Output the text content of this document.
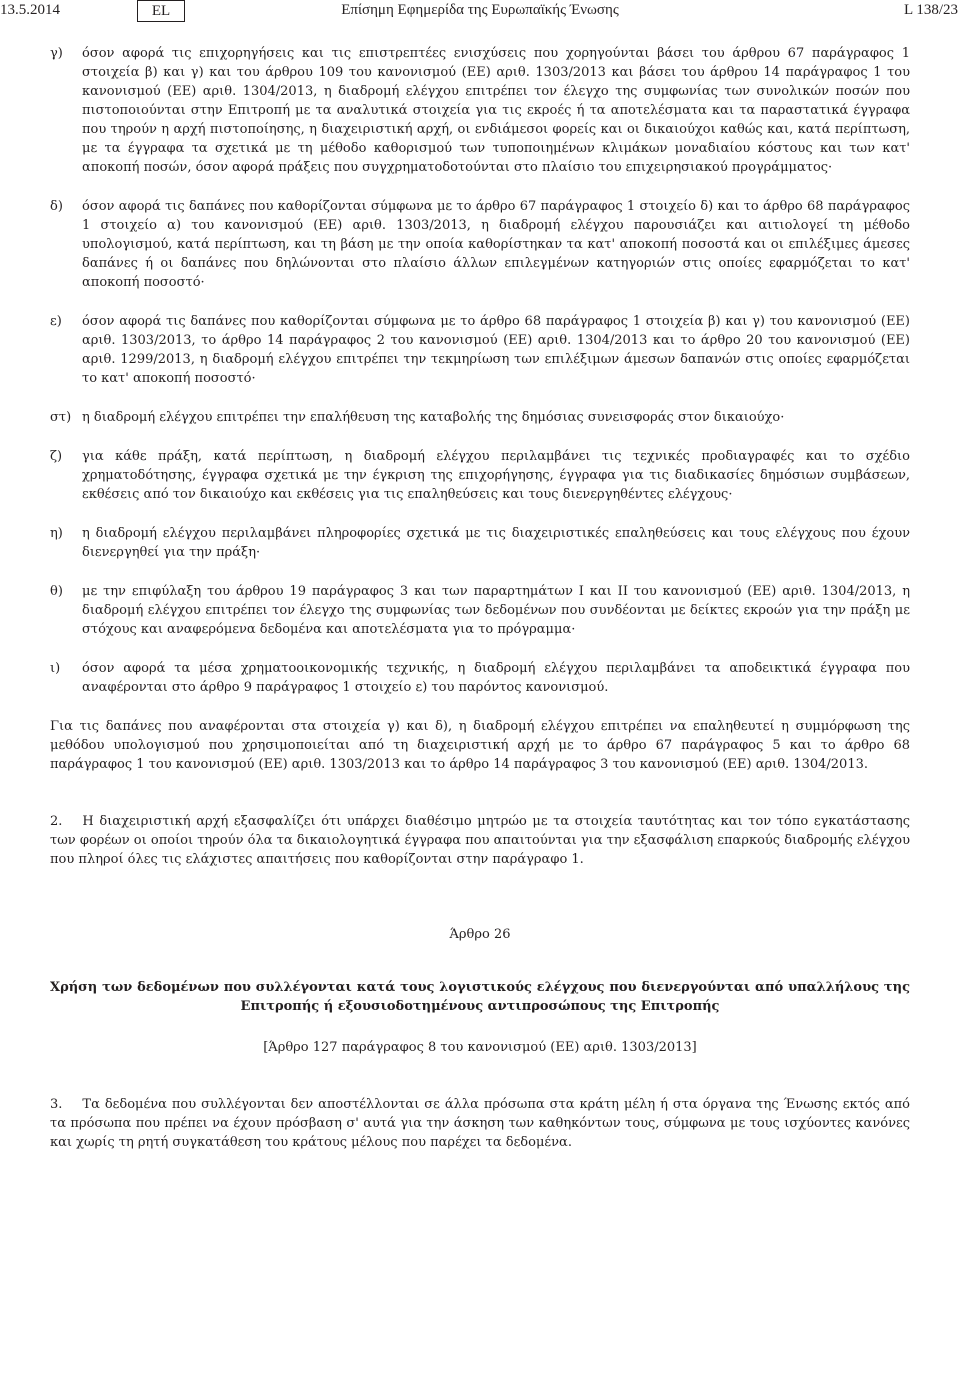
13.5.2014	EL	Επίσημη Εφημερίδα της Ευρωπαϊκής Ένωσης	L 138/23
γ) όσον αφορά τις επιχορηγήσεις και τις επιστρεπτέες ενισχύσεις που χορηγούνται βάσει του άρθρου 67 παράγραφος 1 στοιχεία β) και γ) και του άρθρου 109 του κανονισμού (ΕΕ) αριθ. 1303/2013 και βάσει του άρθρου 14 παράγραφος 1 του κανονισμού (ΕΕ) αριθ. 1304/2013, η διαδρομή ελέγχου επιτρέπει τον έλεγχο της συμφωνίας των συνολικών ποσών που πιστοποιούνται στην Επιτροπή με τα αναλυτικά στοιχεία για τις εκροές ή τα αποτελέσματα και τα παραστατικά έγγραφα που τηρούν η αρχή πιστοποίησης, η διαχειριστική αρχή, οι ενδιάμεσοι φορείς και οι δικαιούχοι καθώς και, κατά περίπτωση, με τα έγγραφα τα σχετικά με τη μέθοδο καθορισμού των τυποποιημένων κλιμάκων μοναδιαίου κόστους και των κατ' αποκοπή ποσών, όσον αφορά πράξεις που συγχρηματοδοτούνται στο πλαίσιο του επιχειρησιακού προγράμματος·
δ) όσον αφορά τις δαπάνες που καθορίζονται σύμφωνα με το άρθρο 67 παράγραφος 1 στοιχείο δ) και το άρθρο 68 παράγραφος 1 στοιχείο α) του κανονισμού (ΕΕ) αριθ. 1303/2013, η διαδρομή ελέγχου παρουσιάζει και αιτιολογεί τη μέθοδο υπολογισμού, κατά περίπτωση, και τη βάση με την οποία καθορίστηκαν τα κατ' αποκοπή ποσοστά και οι επιλέξιμες άμεσες δαπάνες ή οι δαπάνες που δηλώνονται στο πλαίσιο άλλων επιλεγμένων κατηγοριών στις οποίες εφαρμόζεται το κατ' αποκοπή ποσοστό·
ε) όσον αφορά τις δαπάνες που καθορίζονται σύμφωνα με το άρθρο 68 παράγραφος 1 στοιχεία β) και γ) του κανονισμού (ΕΕ) αριθ. 1303/2013, το άρθρο 14 παράγραφος 2 του κανονισμού (ΕΕ) αριθ. 1304/2013 και το άρθρο 20 του κανονισμού (ΕΕ) αριθ. 1299/2013, η διαδρομή ελέγχου επιτρέπει την τεκμηρίωση των επιλέξιμων άμεσων δαπανών στις οποίες εφαρμόζεται το κατ' αποκοπή ποσοστό·
στ) η διαδρομή ελέγχου επιτρέπει την επαλήθευση της καταβολής της δημόσιας συνεισφοράς στον δικαιούχο·
ζ) για κάθε πράξη, κατά περίπτωση, η διαδρομή ελέγχου περιλαμβάνει τις τεχνικές προδιαγραφές και το σχέδιο χρηματοδότησης, έγγραφα σχετικά με την έγκριση της επιχορήγησης, έγγραφα για τις διαδικασίες δημόσιων συμβάσεων, εκθέσεις από τον δικαιούχο και εκθέσεις για τις επαληθεύσεις και τους διενεργηθέντες ελέγχους·
η) η διαδρομή ελέγχου περιλαμβάνει πληροφορίες σχετικά με τις διαχειριστικές επαληθεύσεις και τους ελέγχους που έχουν διενεργηθεί για την πράξη·
θ) με την επιφύλαξη του άρθρου 19 παράγραφος 3 και των παραρτημάτων Ι και ΙΙ του κανονισμού (ΕΕ) αριθ. 1304/2013, η διαδρομή ελέγχου επιτρέπει τον έλεγχο της συμφωνίας των δεδομένων που συνδέονται με δείκτες εκροών για την πράξη με στόχους και αναφερόμενα δεδομένα και αποτελέσματα για το πρόγραμμα·
ι) όσον αφορά τα μέσα χρηματοοικονομικής τεχνικής, η διαδρομή ελέγχου περιλαμβάνει τα αποδεικτικά έγγραφα που αναφέρονται στο άρθρο 9 παράγραφος 1 στοιχείο ε) του παρόντος κανονισμού.
Για τις δαπάνες που αναφέρονται στα στοιχεία γ) και δ), η διαδρομή ελέγχου επιτρέπει να επαληθευτεί η συμμόρφωση της μεθόδου υπολογισμού που χρησιμοποιείται από τη διαχειριστική αρχή με το άρθρο 67 παράγραφος 5 και το άρθρο 68 παράγραφος 1 του κανονισμού (ΕΕ) αριθ. 1303/2013 και το άρθρο 14 παράγραφος 3 του κανονισμού (ΕΕ) αριθ. 1304/2013.
2. Η διαχειριστική αρχή εξασφαλίζει ότι υπάρχει διαθέσιμο μητρώο με τα στοιχεία ταυτότητας και τον τόπο εγκατάστασης των φορέων οι οποίοι τηρούν όλα τα δικαιολογητικά έγγραφα που απαιτούνται για την εξασφάλιση επαρκούς διαδρομής ελέγχου που πληροί όλες τις ελάχιστες απαιτήσεις που καθορίζονται στην παράγραφο 1.
Άρθρο 26
Χρήση των δεδομένων που συλλέγονται κατά τους λογιστικούς ελέγχους που διενεργούνται από υπαλλήλους της Επιτροπής ή εξουσιοδοτημένους αντιπροσώπους της Επιτροπής
[Άρθρο 127 παράγραφος 8 του κανονισμού (ΕΕ) αριθ. 1303/2013]
3. Τα δεδομένα που συλλέγονται δεν αποστέλλονται σε άλλα πρόσωπα στα κράτη μέλη ή στα όργανα της Ένωσης εκτός από τα πρόσωπα που πρέπει να έχουν πρόσβαση σ' αυτά για την άσκηση των καθηκόντων τους, σύμφωνα με τους ισχύοντες κανόνες και χωρίς τη ρητή συγκατάθεση του κράτους μέλους που παρέχει τα δεδομένα.
